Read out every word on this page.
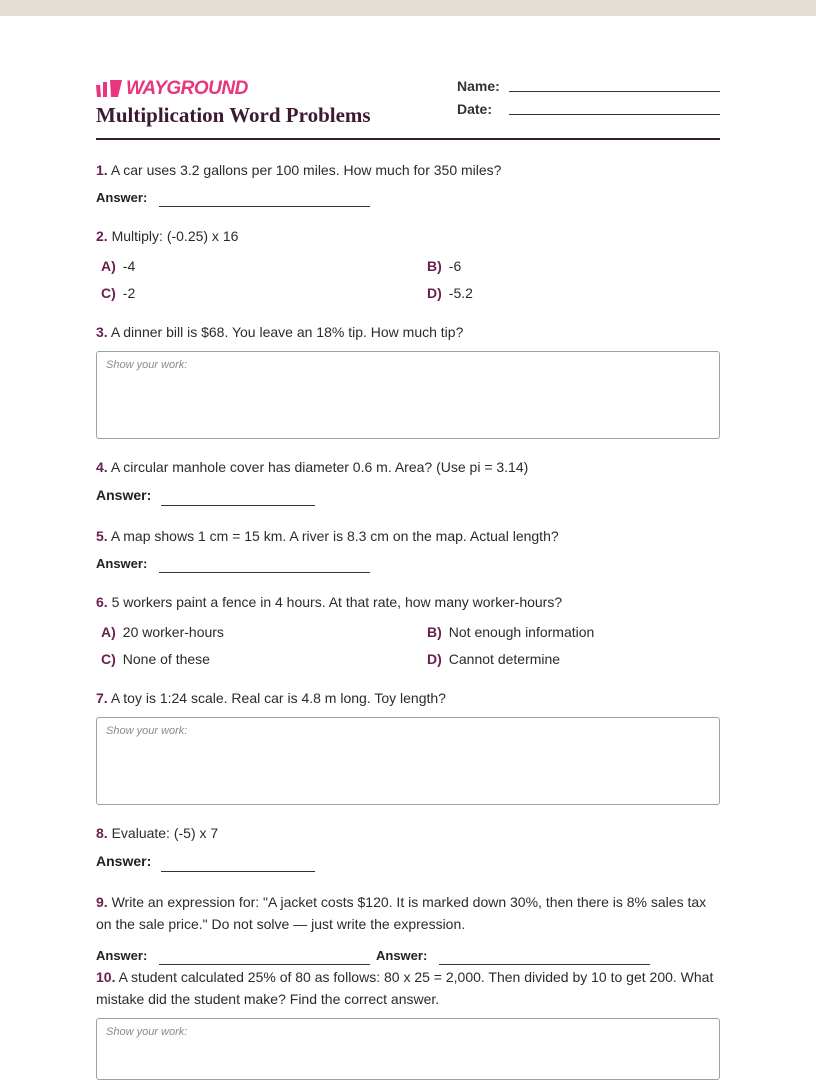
WAYGROUND
Multiplication Word Problems
Name:
Date:
1. A car uses 3.2 gallons per 100 miles. How much for 350 miles?
Answer:
2. Multiply: (-0.25) x 16
A) -4	B) -6
C) -2	D) -5.2
3. A dinner bill is $68. You leave an 18% tip. How much tip?
Show your work:
4. A circular manhole cover has diameter 0.6 m. Area? (Use pi = 3.14)
Answer:
5. A map shows 1 cm = 15 km. A river is 8.3 cm on the map. Actual length?
Answer:
6. 5 workers paint a fence in 4 hours. At that rate, how many worker-hours?
A) 20 worker-hours	B) Not enough information
C) None of these	D) Cannot determine
7. A toy is 1:24 scale. Real car is 4.8 m long. Toy length?
Show your work:
8. Evaluate: (-5) x 7
Answer:
9. Write an expression for: "A jacket costs $120. It is marked down 30%, then there is 8% sales tax on the sale price." Do not solve — just write the expression.
Answer:	Answer:
10. A student calculated 25% of 80 as follows: 80 x 25 = 2,000. Then divided by 10 to get 200. What mistake did the student make? Find the correct answer.
Show your work:
